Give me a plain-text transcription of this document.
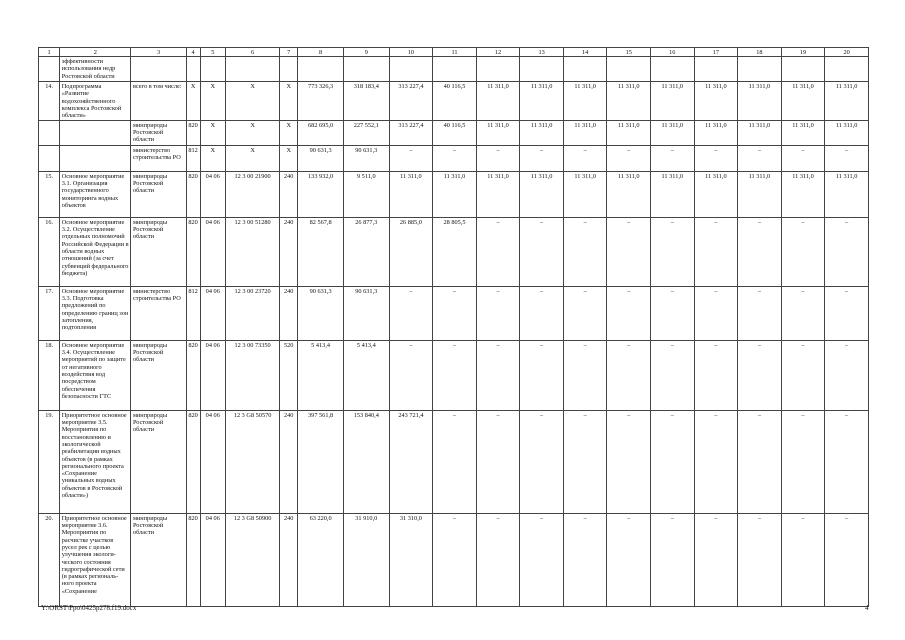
1	2	3	4	5	6	7	8	9	10	11	12	13	14	15	16	17	18	19	20
	эффективности использования недр Ростовской области																		
14.	Подпрограмма «Развитие водохозяйственного комплекса Ростовской области»	всего в том числе:	Х	Х	Х	Х	773 326,3	318 183,4	313 227,4	40 116,5	11 311,0	11 311,0	11 311,0	11 311,0	11 311,0	11 311,0	11 311,0	11 311,0	11 311,0
		минприроды Ростовской области	820	Х	Х	Х	682 695,0	227 552,1	313 227,4	40 116,5	11 311,0	11 311,0	11 311,0	11 311,0	11 311,0	11 311,0	11 311,0	11 311,0	11 311,0
		министерство строительства РО	812	Х	Х	Х	90 631,3	90 631,3	–	–	–	–	–	–	–	–	–	–	–
15.	Основное мероприятие 3.1. Организация государственного мониторинга водных объектов	минприроды Ростовской области	820	04 06	12 3 00 21900	240	133 932,0	9 511,0	11 311,0	11 311,0	11 311,0	11 311,0	11 311,0	11 311,0	11 311,0	11 311,0	11 311,0	11 311,0	11 311,0
16.	Основное мероприятие 3.2. Осуществление отдельных полномочий Российской Федерации в области водных отношений (за счет субвенций федерального бюджета)	минприроды Ростовской области	820	04 06	12 3 00 51280	240	82 567,8	26 877,3	26 885,0	28 805,5	–	–	–	–	–	–	–	–	–
17.	Основное мероприятие 3.3. Подготовка предложений по определению границ зон затопления, подтопления	министерство строительства РО	812	04 06	12 3 00 23720	240	90 631,3	90 631,3	–	–	–	–	–	–	–	–	–	–	–
18.	Основное мероприятие 3.4. Осуществление мероприятий по защите от негативного воздействия вод посредством обеспечения безопасности ГТС	минприроды Ростовской области	820	04 06	12 3 00 73350	520	5 413,4	5 413,4	–	–	–	–	–	–	–	–	–	–	–
19.	Приоритетное основное мероприятие 3.5. Мероприятия по восстановлению и экологической реабилитации водных объектов (в рамках регионального проекта «Сохранение уникальных водных объектов в Ростовской области»)	минприроды Ростовской области	820	04 06	12 3 G8 50570	240	397 561,8	153 840,4	243 721,4	–	–	–	–	–	–	–	–	–	–
20.	Приоритетное основное мероприятие 3.6. Мероприятия по расчистке участков русел рек с целью улучшения экологи-ческого состояния гидрографической сети (в рамках региональ-ного проекта «Сохранение	минприроды Ростовской области	820	04 06	12 3 G8 50900	240	63 220,0	31 910,0	31 310,0	–	–	–	–	–	–	–	–	–	–
Y:\ORST\Ppo\0425p278.f19.docx	4
